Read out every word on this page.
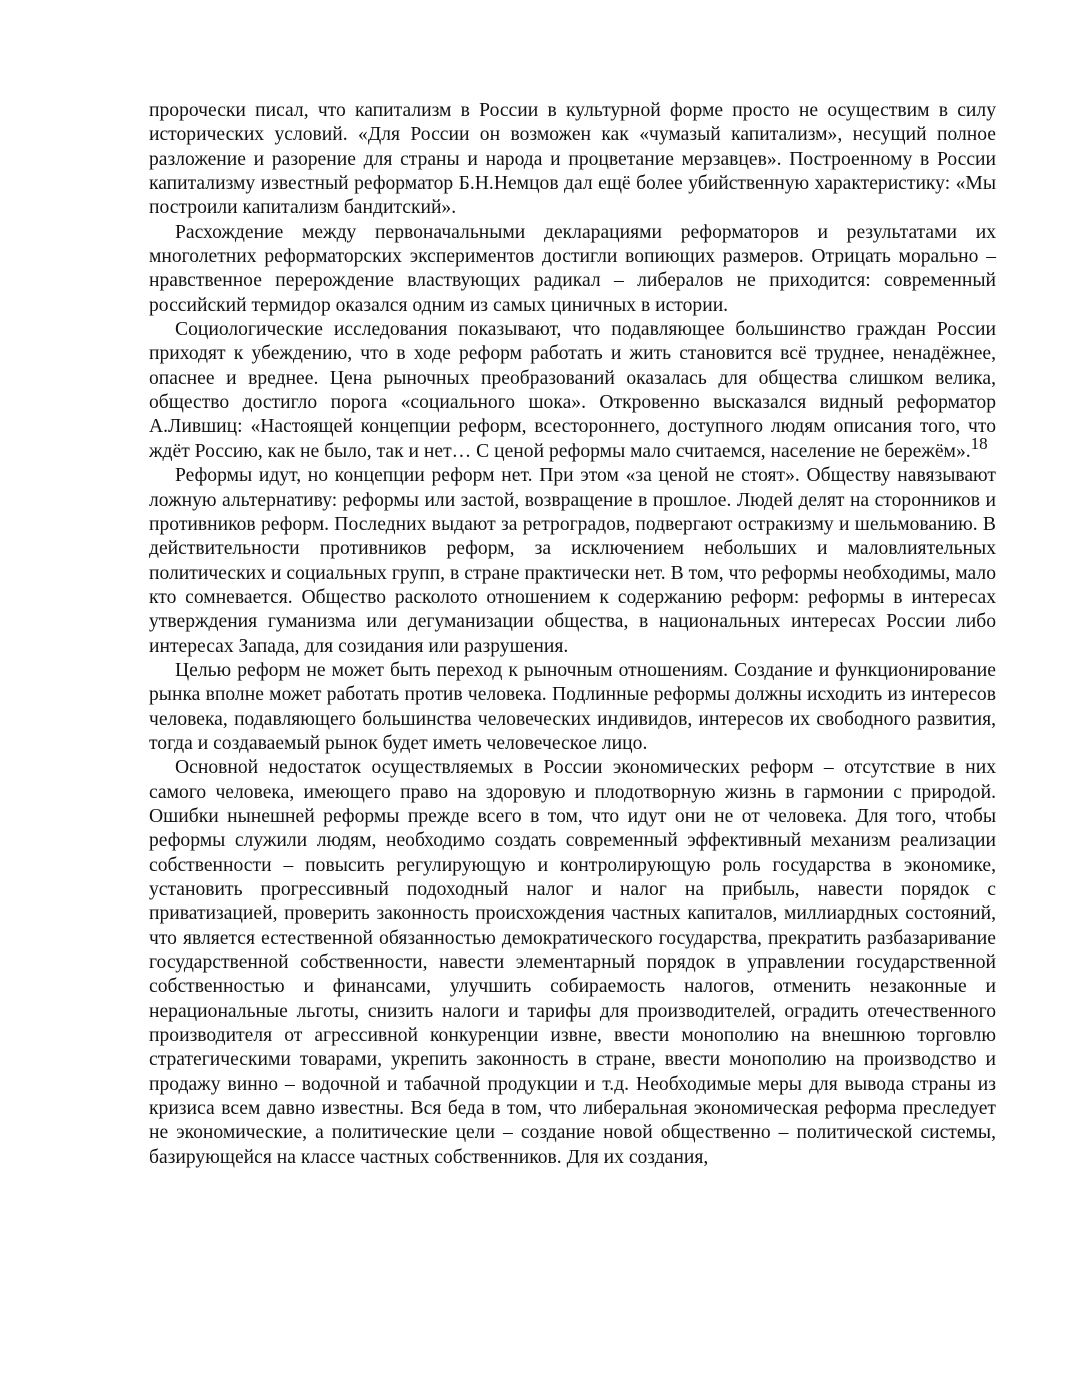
пророчески писал, что капитализм в России в культурной форме просто не осуществим в силу исторических условий. «Для России он возможен как «чумазый капитализм», несущий полное разложение и разорение для страны и народа и процветание мерзавцев». Построенному в России капитализму известный реформатор Б.Н.Немцов дал ещё более убийственную характеристику: «Мы построили капитализм бандитский».

Расхождение между первоначальными декларациями реформаторов и результатами их многолетних реформаторских экспериментов достигли вопиющих размеров. Отрицать морально – нравственное перерождение властвующих радикал – либералов не приходится: современный российский термидор оказался одним из самых циничных в истории.

Социологические исследования показывают, что подавляющее большинство граждан России приходят к убеждению, что в ходе реформ работать и жить становится всё труднее, ненадёжнее, опаснее и вреднее. Цена рыночных преобразований оказалась для общества слишком велика, общество достигло порога «социального шока». Откровенно высказался видный реформатор А.Лившиц: «Настоящей концепции реформ, всестороннего, доступного людям описания того, что ждёт Россию, как не было, так и нет… С ценой реформы мало считаемся, население не бережём».$^{18}$

Реформы идут, но концепции реформ нет. При этом «за ценой не стоят». Обществу навязывают ложную альтернативу: реформы или застой, возвращение в прошлое. Людей делят на сторонников и противников реформ. Последних выдают за ретроградов, подвергают остракизму и шельмованию. В действительности противников реформ, за исключением небольших и маловлиятельных политических и социальных групп, в стране практически нет. В том, что реформы необходимы, мало кто сомневается. Общество расколото отношением к содержанию реформ: реформы в интересах утверждения гуманизма или дегуманизации общества, в национальных интересах России либо интересах Запада, для созидания или разрушения.

Целью реформ не может быть переход к рыночным отношениям. Создание и функционирование рынка вполне может работать против человека. Подлинные реформы должны исходить из интересов человека, подавляющего большинства человеческих индивидов, интересов их свободного развития, тогда и создаваемый рынок будет иметь человеческое лицо.

Основной недостаток осуществляемых в России экономических реформ – отсутствие в них самого человека, имеющего право на здоровую и плодотворную жизнь в гармонии с природой. Ошибки нынешней реформы прежде всего в том, что идут они не от человека. Для того, чтобы реформы служили людям, необходимо создать современный эффективный механизм реализации собственности – повысить регулирующую и контролирующую роль государства в экономике, установить прогрессивный подоходный налог и налог на прибыль, навести порядок с приватизацией, проверить законность происхождения частных капиталов, миллиардных состояний, что является естественной обязанностью демократического государства, прекратить разбазаривание государственной собственности, навести элементарный порядок в управлении государственной собственностью и финансами, улучшить собираемость налогов, отменить незаконные и нерациональные льготы, снизить налоги и тарифы для производителей, оградить отечественного производителя от агрессивной конкуренции извне, ввести монополию на внешнюю торговлю стратегическими товарами, укрепить законность в стране, ввести монополию на производство и продажу винно – водочной и табачной продукции и т.д. Необходимые меры для вывода страны из кризиса всем давно известны. Вся беда в том, что либеральная экономическая реформа преследует не экономические, а политические цели – создание новой общественно – политической системы, базирующейся на классе частных собственников. Для их создания,
